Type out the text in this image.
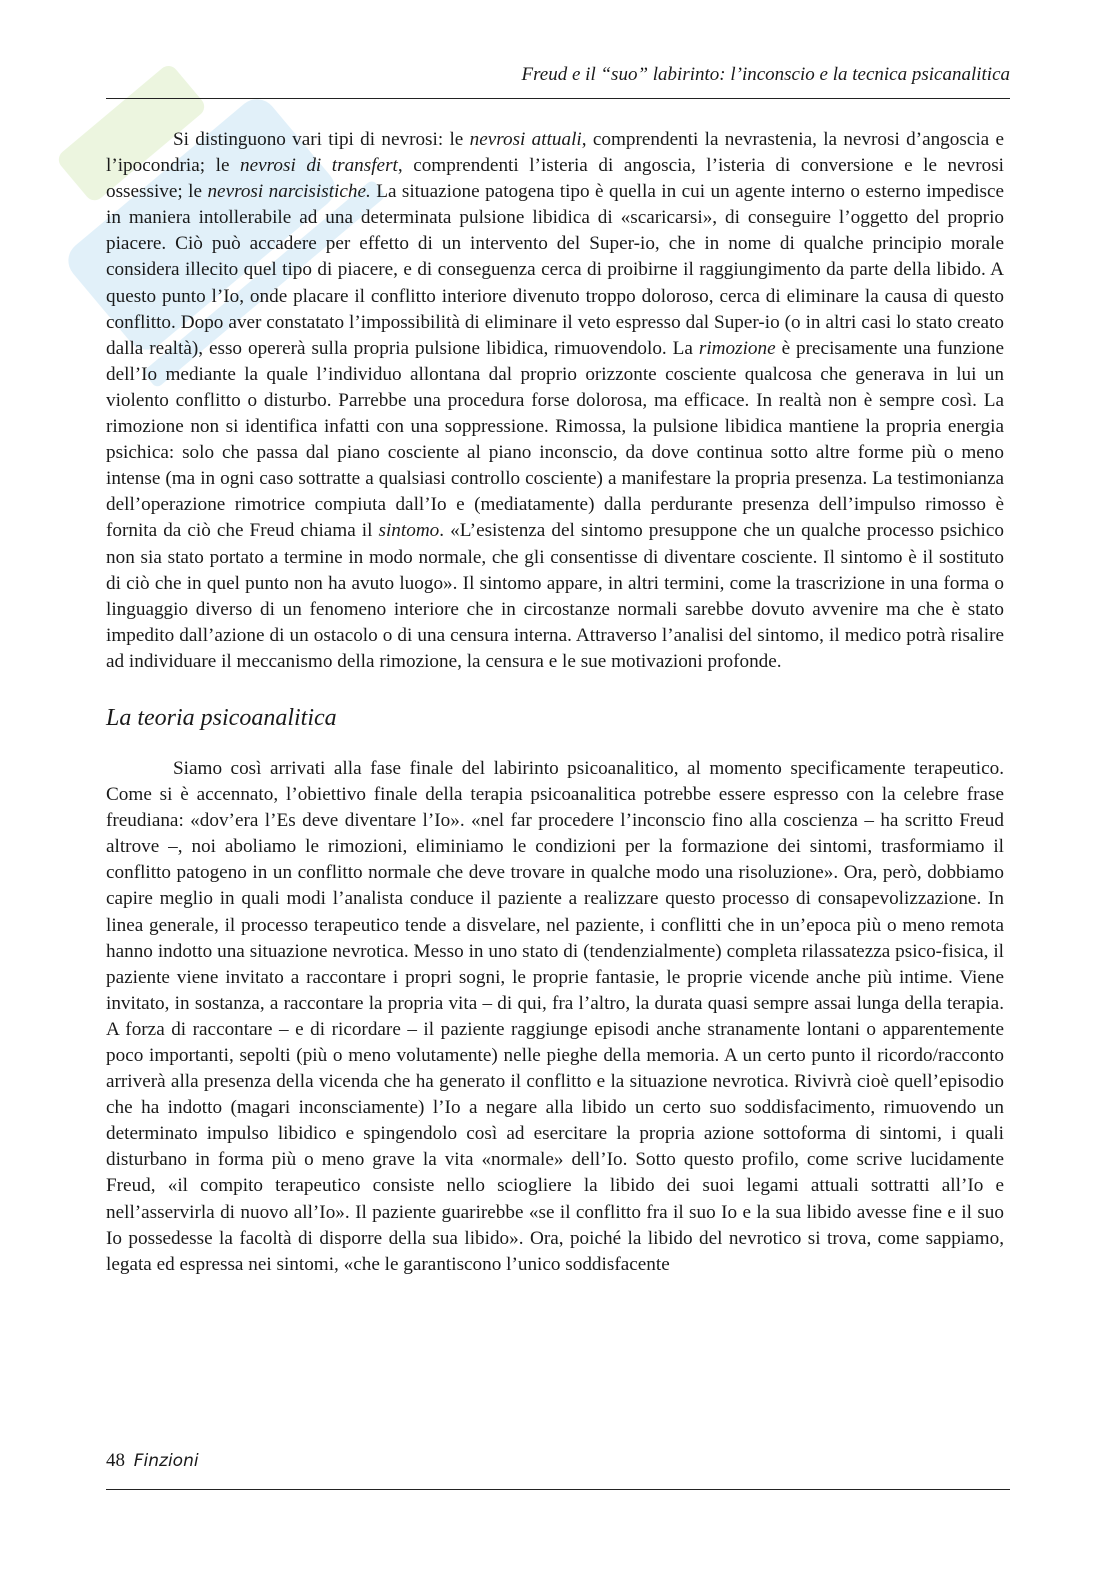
Freud e il “suo” labirinto: l’inconscio e la tecnica psicanalitica

Si distinguono vari tipi di nevrosi: le nevrosi attuali, comprendenti la nevrastenia, la nevrosi d’angoscia e l’ipocondria; le nevrosi di transfert, comprendenti l’isteria di angoscia, l’isteria di conversione e le nevrosi ossessive; le nevrosi narcisistiche. La situazione patogena tipo è quella in cui un agente interno o esterno impedisce in maniera intollerabile ad una determinata pulsione libidica di «scaricarsi», di conseguire l’oggetto del proprio piacere. Ciò può accadere per effetto di un intervento del Super-io, che in nome di qualche principio morale considera illecito quel tipo di piacere, e di conseguenza cerca di proibirne il raggiungimento da parte della libido. A questo punto l’Io, onde placare il conflitto interiore divenuto troppo doloroso, cerca di eliminare la causa di questo conflitto. Dopo aver constatato l’impossibilità di eliminare il veto espresso dal Super-io (o in altri casi lo stato creato dalla realtà), esso opererà sulla propria pulsione libidica, rimuovendolo. La rimozione è precisamente una funzione dell’Io mediante la quale l’individuo allontana dal proprio orizzonte cosciente qualcosa che generava in lui un violento conflitto o disturbo. Parrebbe una procedura forse dolorosa, ma efficace. In realtà non è sempre così. La rimozione non si identifica infatti con una soppressione. Rimossa, la pulsione libidica mantiene la propria energia psichica: solo che passa dal piano cosciente al piano inconscio, da dove continua sotto altre forme più o meno intense (ma in ogni caso sottratte a qualsiasi controllo cosciente) a manifestare la propria presenza. La testimonianza dell’operazione rimotrice compiuta dall’Io e (mediatamente) dalla perdurante presenza dell’impulso rimosso è fornita da ciò che Freud chiama il sintomo. «L’esistenza del sintomo presuppone che un qualche processo psichico non sia stato portato a termine in modo normale, che gli consentisse di diventare cosciente. Il sintomo è il sostituto di ciò che in quel punto non ha avuto luogo». Il sintomo appare, in altri termini, come la trascrizione in una forma o linguaggio diverso di un fenomeno interiore che in circostanze normali sarebbe dovuto avvenire ma che è stato impedito dall’azione di un ostacolo o di una censura interna. Attraverso l’analisi del sintomo, il medico potrà risalire ad individuare il meccanismo della rimozione, la censura e le sue motivazioni profonde.

La teoria psicoanalitica

Siamo così arrivati alla fase finale del labirinto psicoanalitico, al momento specificamente terapeutico. Come si è accennato, l’obiettivo finale della terapia psicoanalitica potrebbe essere espresso con la celebre frase freudiana: «dov’era l’Es deve diventare l’Io». «nel far procedere l’inconscio fino alla coscienza – ha scritto Freud altrove –, noi aboliamo le rimozioni, eliminiamo le condizioni per la formazione dei sintomi, trasformiamo il conflitto patogeno in un conflitto normale che deve trovare in qualche modo una risoluzione». Ora, però, dobbiamo capire meglio in quali modi l’analista conduce il paziente a realizzare questo processo di consapevolizzazione. In linea generale, il processo terapeutico tende a disvelare, nel paziente, i conflitti che in un’epoca più o meno remota hanno indotto una situazione nevrotica. Messo in uno stato di (tendenzialmente) completa rilassatezza psico-fisica, il paziente viene invitato a raccontare i propri sogni, le proprie fantasie, le proprie vicende anche più intime. Viene invitato, in sostanza, a raccontare la propria vita – di qui, fra l’altro, la durata quasi sempre assai lunga della terapia. A forza di raccontare – e di ricordare – il paziente raggiunge episodi anche stranamente lontani o apparentemente poco importanti, sepolti (più o meno volutamente) nelle pieghe della memoria. A un certo punto il ricordo/racconto arriverà alla presenza della vicenda che ha generato il conflitto e la situazione nevrotica. Rivivrà cioè quell’episodio che ha indotto (magari inconsciamente) l’Io a negare alla libido un certo suo soddisfacimento, rimuovendo un determinato impulso libidico e spingendolo così ad esercitare la propria azione sottoforma di sintomi, i quali disturbano in forma più o meno grave la vita «normale» dell’Io. Sotto questo profilo, come scrive lucidamente Freud, «il compito terapeutico consiste nello sciogliere la libido dei suoi legami attuali sottratti all’Io e nell’asservirla di nuovo all’Io». Il paziente guarirebbe «se il conflitto fra il suo Io e la sua libido avesse fine e il suo Io possedesse la facoltà di disporre della sua libido». Ora, poiché la libido del nevrotico si trova, come sappiamo, legata ed espressa nei sintomi, «che le garantiscono l’unico soddisfacente

48 Finzioni
